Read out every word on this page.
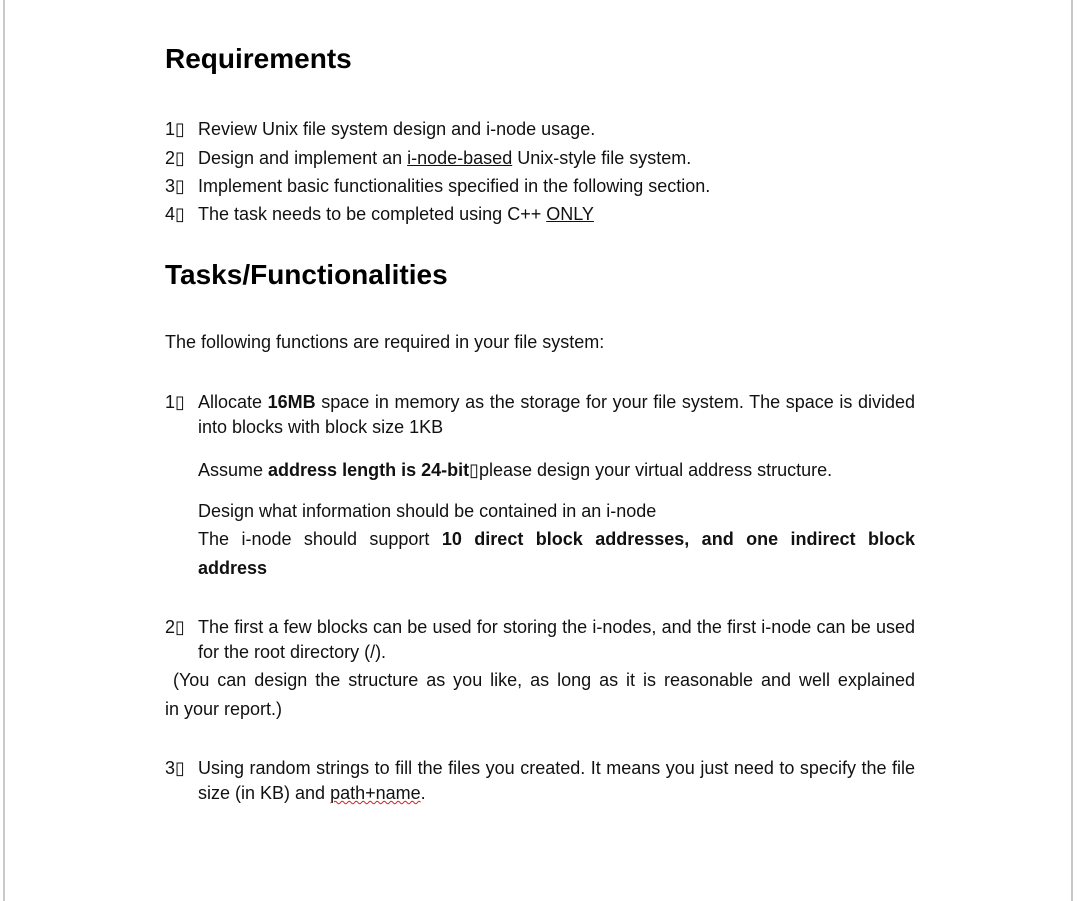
Requirements
1▯ Review Unix file system design and i-node usage.
2▯ Design and implement an i-node-based Unix-style file system.
3▯ Implement basic functionalities specified in the following section.
4▯ The task needs to be completed using C++ ONLY
Tasks/Functionalities
The following functions are required in your file system:
1▯ Allocate 16MB space in memory as the storage for your file system. The space is divided
into blocks with block size 1KB
Assume address length is 24-bit▯please design your virtual address structure.
Design what information should be contained in an i-node
The i-node should support 10 direct block addresses, and one indirect block
address
2▯ The first a few blocks can be used for storing the i-nodes, and the first i-node can be used
for the root directory (/).
(You can design the structure as you like, as long as it is reasonable and well explained
in your report.)
3▯ Using random strings to fill the files you created. It means you just need to specify the file
size (in KB) and path+name.
